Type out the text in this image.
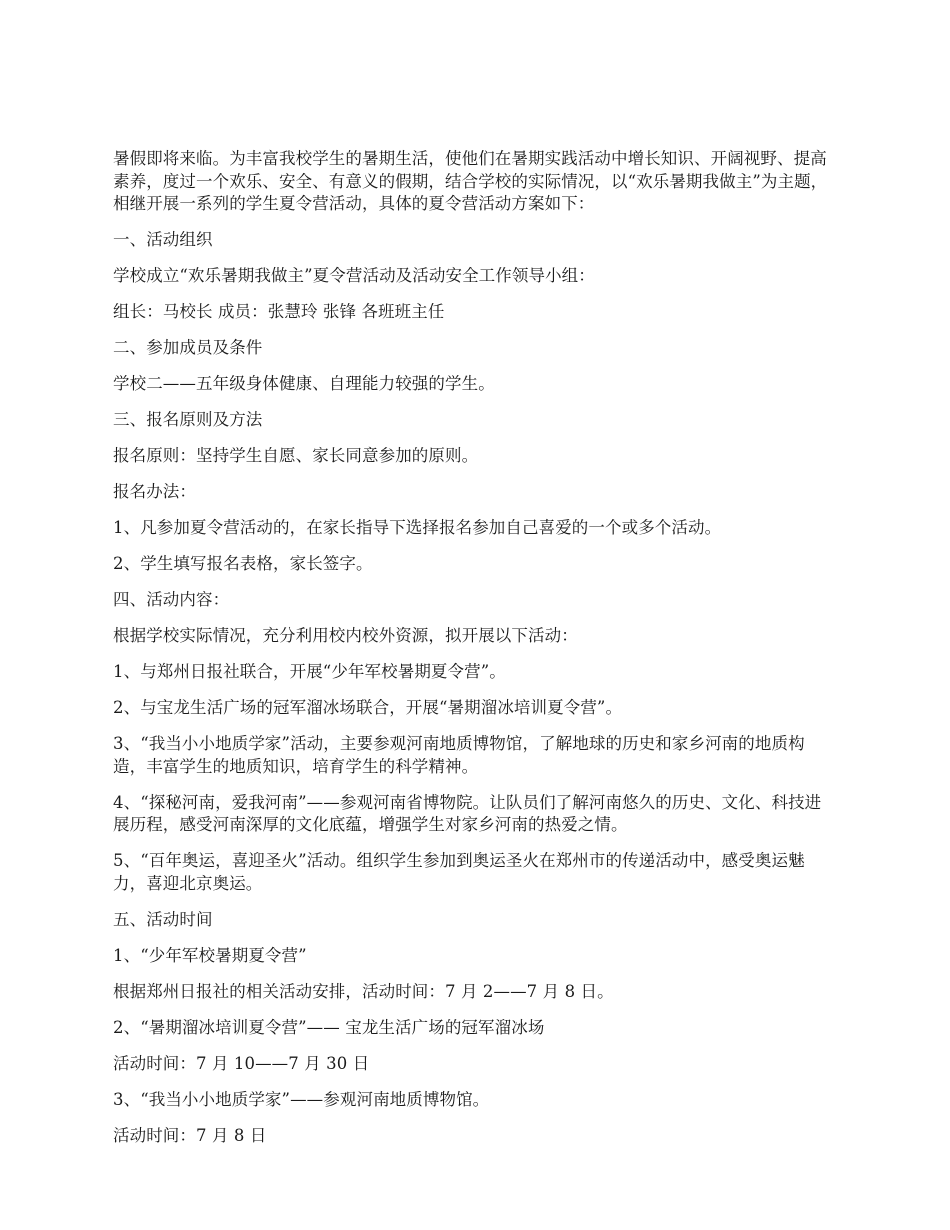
暑假即将来临。为丰富我校学生的暑期生活，使他们在暑期实践活动中增长知识、开阔视野、提高素养，度过一个欢乐、安全、有意义的假期，结合学校的实际情况，以“欢乐暑期我做主”为主题，相继开展一系列的学生夏令营活动，具体的夏令营活动方案如下：

一、活动组织

学校成立“欢乐暑期我做主”夏令营活动及活动安全工作领导小组：

组长：马校长 成员：张慧玲 张锋 各班班主任

二、参加成员及条件

学校二——五年级身体健康、自理能力较强的学生。

三、报名原则及方法

报名原则：坚持学生自愿、家长同意参加的原则。

报名办法：

1、凡参加夏令营活动的，在家长指导下选择报名参加自己喜爱的一个或多个活动。

2、学生填写报名表格，家长签字。

四、活动内容：

根据学校实际情况，充分利用校内校外资源，拟开展以下活动：

1、与郑州日报社联合，开展“少年军校暑期夏令营”。

2、与宝龙生活广场的冠军溜冰场联合，开展“暑期溜冰培训夏令营”。

3、“我当小小地质学家”活动，主要参观河南地质博物馆，了解地球的历史和家乡河南的地质构造，丰富学生的地质知识，培育学生的科学精神。

4、“探秘河南，爱我河南”——参观河南省博物院。让队员们了解河南悠久的历史、文化、科技进展历程，感受河南深厚的文化底蕴，增强学生对家乡河南的热爱之情。

5、“百年奥运，喜迎圣火”活动。组织学生参加到奥运圣火在郑州市的传递活动中，感受奥运魅力，喜迎北京奥运。

五、活动时间

1、“少年军校暑期夏令营”

根据郑州日报社的相关活动安排，活动时间：7 月 2——7 月 8 日。

2、“暑期溜冰培训夏令营”—— 宝龙生活广场的冠军溜冰场

活动时间：7 月 10——7 月 30 日

3、“我当小小地质学家”——参观河南地质博物馆。

活动时间：7 月 8 日
